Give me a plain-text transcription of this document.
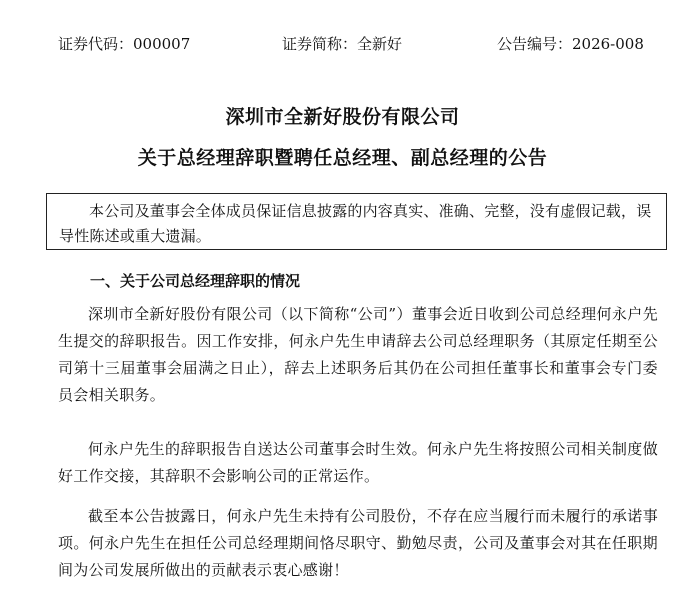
证券代码：000007	证券简称：全新好	公告编号：2026-008
深圳市全新好股份有限公司
关于总经理辞职暨聘任总经理、副总经理的公告
本公司及董事会全体成员保证信息披露的内容真实、准确、完整，没有虚假记载，误导性陈述或重大遗漏。
一、关于公司总经理辞职的情况
深圳市全新好股份有限公司（以下简称“公司”）董事会近日收到公司总经理何永户先生提交的辞职报告。因工作安排，何永户先生申请辞去公司总经理职务（其原定任期至公司第十三届董事会届满之日止），辞去上述职务后其仍在公司担任董事长和董事会专门委员会相关职务。
何永户先生的辞职报告自送达公司董事会时生效。何永户先生将按照公司相关制度做好工作交接，其辞职不会影响公司的正常运作。
截至本公告披露日，何永户先生未持有公司股份，不存在应当履行而未履行的承诺事项。何永户先生在担任公司总经理期间恪尽职守、勤勉尽责，公司及董事会对其在任职期间为公司发展所做出的贡献表示衷心感谢！
